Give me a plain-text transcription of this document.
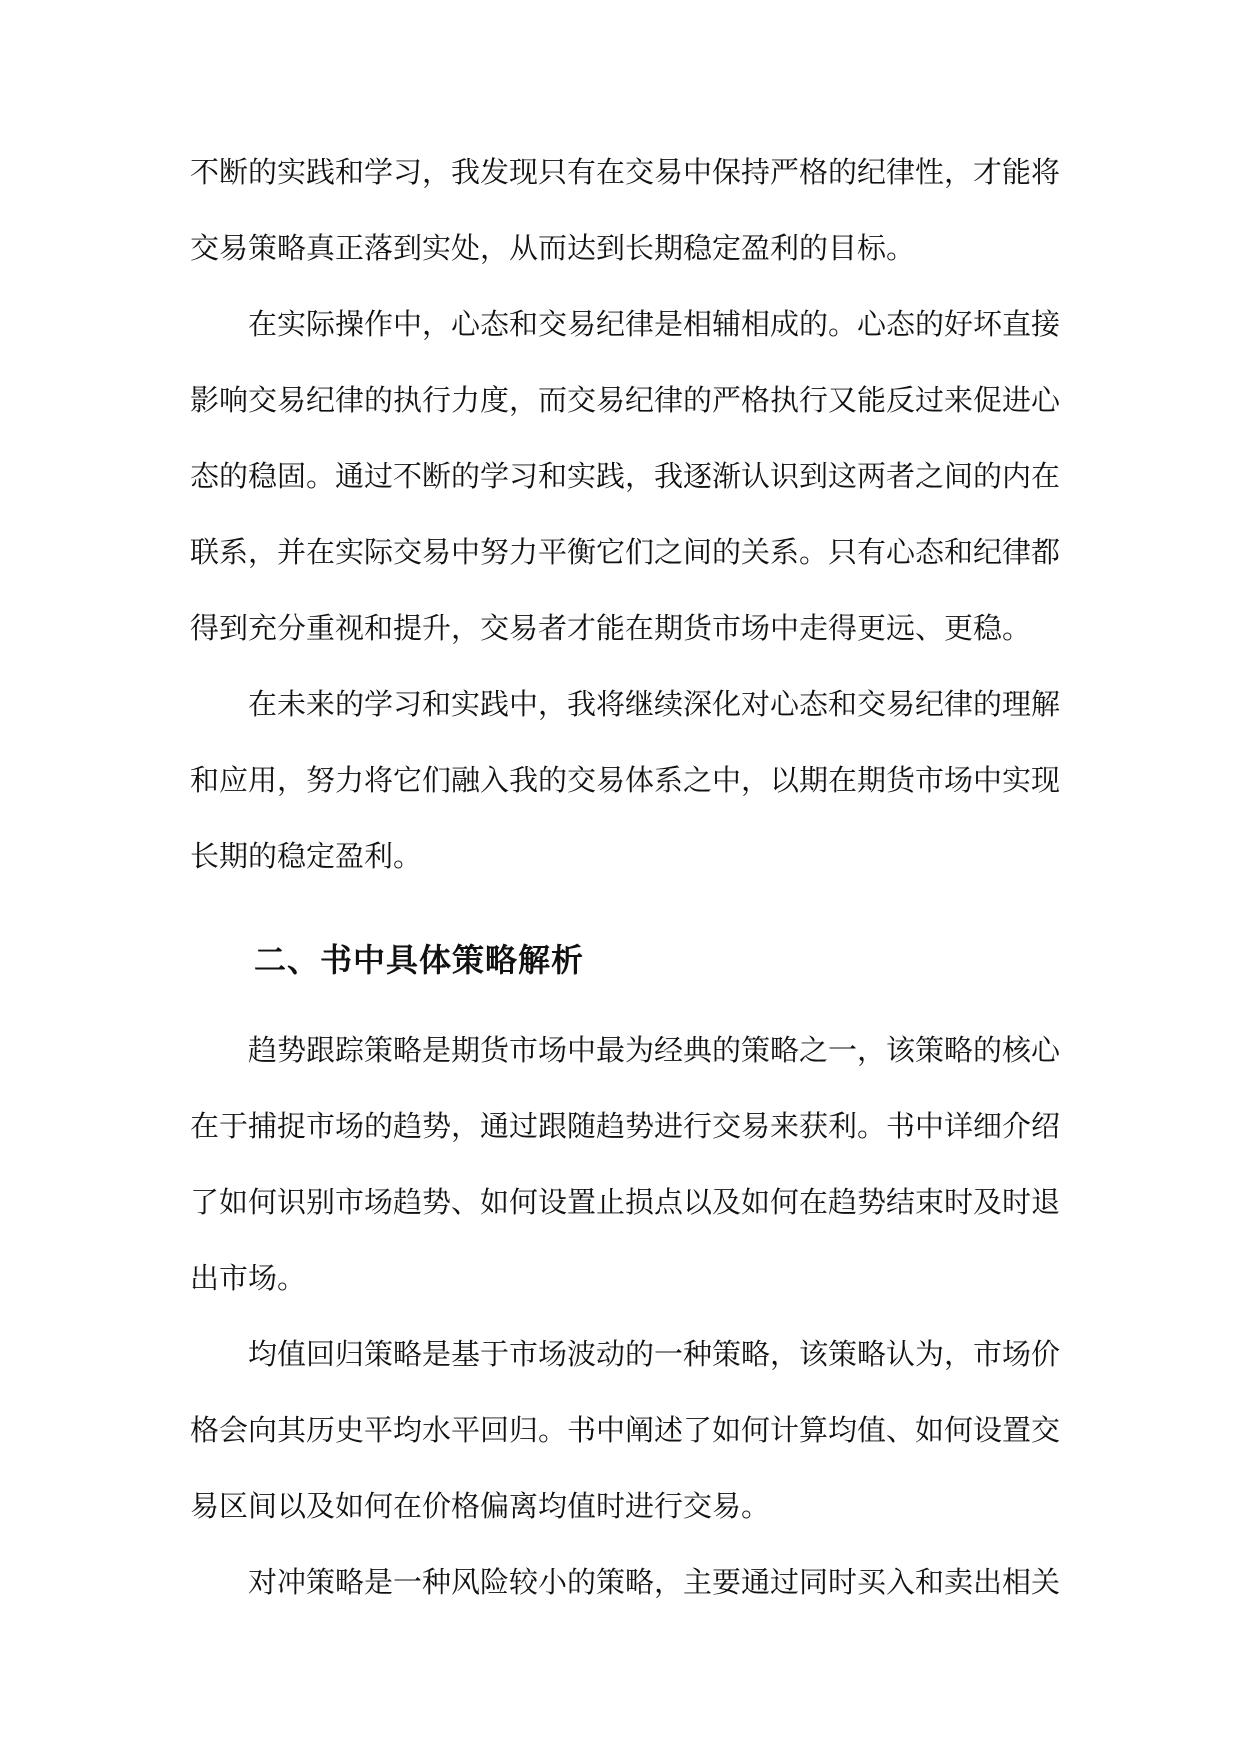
不断的实践和学习，我发现只有在交易中保持严格的纪律性，才能将
交易策略真正落到实处，从而达到长期稳定盈利的目标。
在实际操作中，心态和交易纪律是相辅相成的。心态的好坏直接
影响交易纪律的执行力度，而交易纪律的严格执行又能反过来促进心
态的稳固。通过不断的学习和实践，我逐渐认识到这两者之间的内在
联系，并在实际交易中努力平衡它们之间的关系。只有心态和纪律都
得到充分重视和提升，交易者才能在期货市场中走得更远、更稳。
在未来的学习和实践中，我将继续深化对心态和交易纪律的理解
和应用，努力将它们融入我的交易体系之中，以期在期货市场中实现
长期的稳定盈利。
二、书中具体策略解析
趋势跟踪策略是期货市场中最为经典的策略之一，该策略的核心
在于捕捉市场的趋势，通过跟随趋势进行交易来获利。书中详细介绍
了如何识别市场趋势、如何设置止损点以及如何在趋势结束时及时退
出市场。
均值回归策略是基于市场波动的一种策略，该策略认为，市场价
格会向其历史平均水平回归。书中阐述了如何计算均值、如何设置交
易区间以及如何在价格偏离均值时进行交易。
对冲策略是一种风险较小的策略，主要通过同时买入和卖出相关
